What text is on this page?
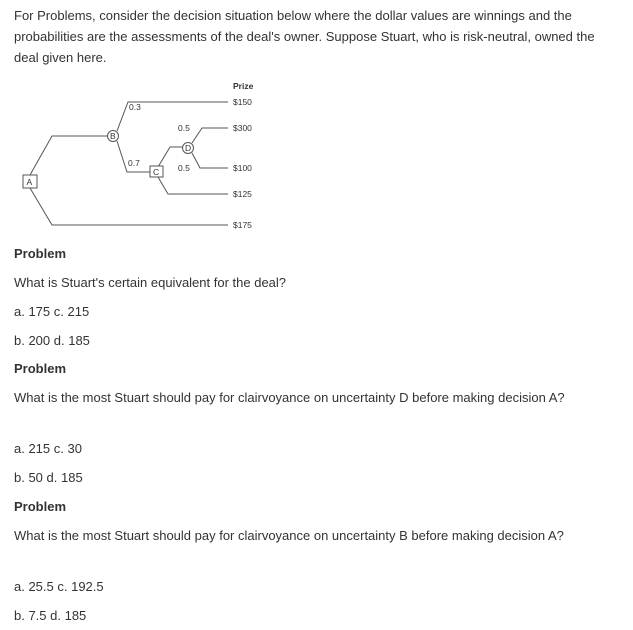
For Problems, consider the decision situation below where the dollar values are winnings and the probabilities are the assessments of the deal's owner. Suppose Stuart, who is risk-neutral, owned the deal given here.
A
B
C
D
0.3
0.7
0.5
0.5
Prize
$150
$300
$100
$125
$175
Problem
What is Stuart's certain equivalent for the deal?
a. 175 c. 215
b. 200 d. 185
Problem
What is the most Stuart should pay for clairvoyance on uncertainty D before making decision A?
a. 215 c. 30
b. 50 d. 185
Problem
What is the most Stuart should pay for clairvoyance on uncertainty B before making decision A?
a. 25.5 c. 192.5
b. 7.5 d. 185
